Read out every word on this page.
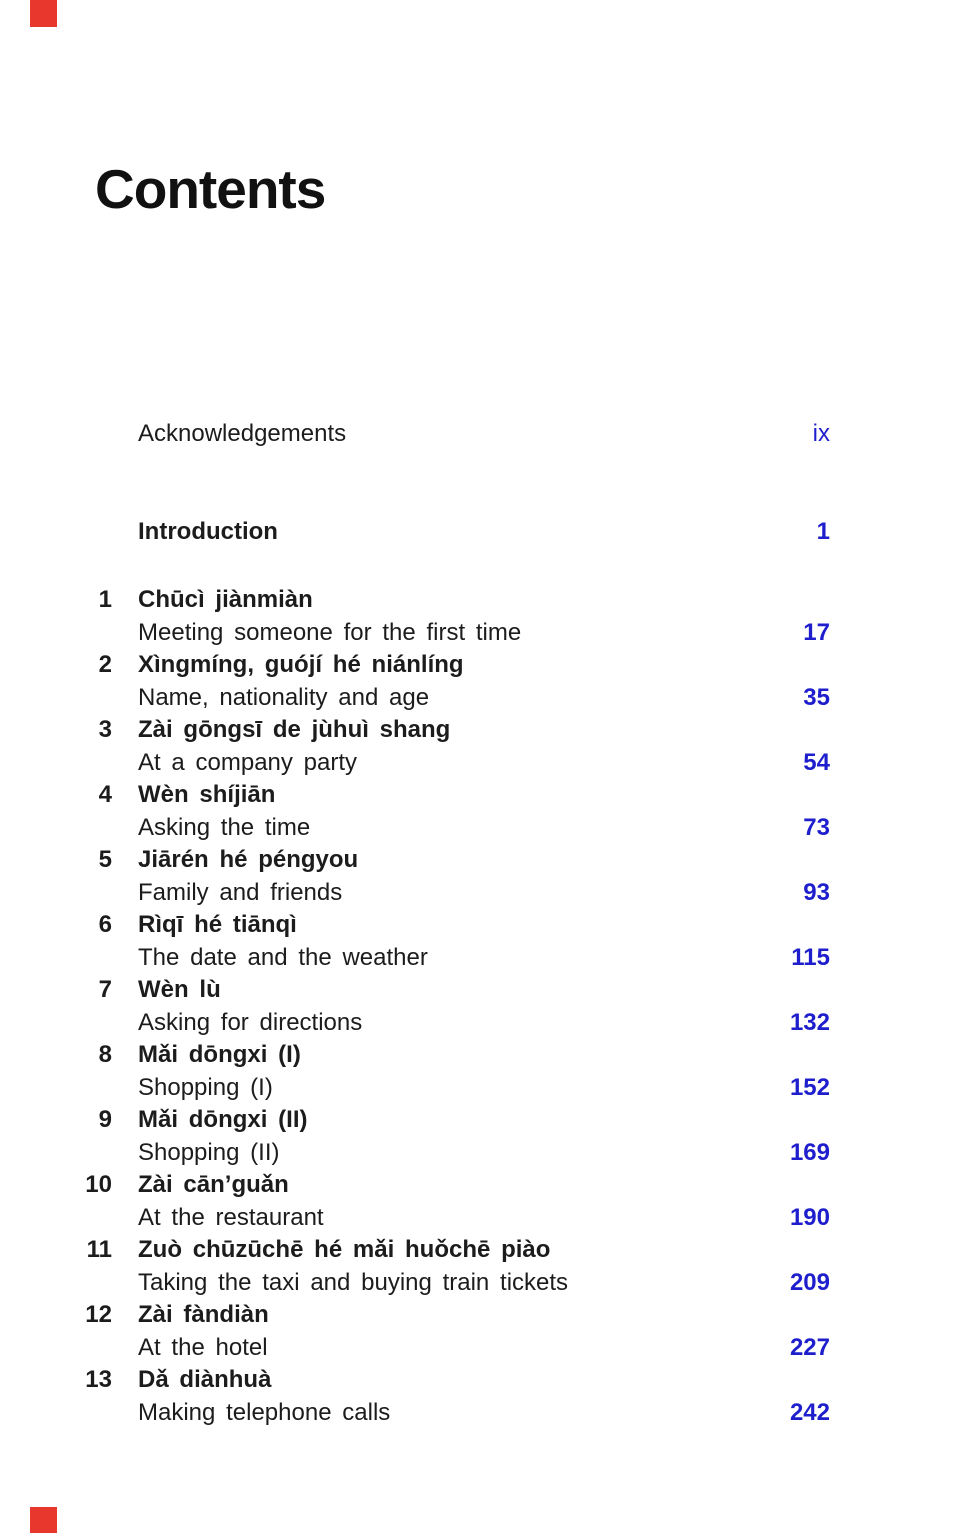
Contents
Acknowledgements	ix
Introduction	1
1	Chūcì jiànmiàn
Meeting someone for the first time	17
2	Xìngmíng, guójí hé niánlíng
Name, nationality and age	35
3	Zài gōngsī de jùhuì shang
At a company party	54
4	Wèn shíjiān
Asking the time	73
5	Jiārén hé péngyou
Family and friends	93
6	Rìqī hé tiānqì
The date and the weather	115
7	Wèn lù
Asking for directions	132
8	Mǎi dōngxi (I)
Shopping (I)	152
9	Mǎi dōngxi (II)
Shopping (II)	169
10	Zài cān’guǎn
At the restaurant	190
11	Zuò chūzūchē hé mǎi huǒchē piào
Taking the taxi and buying train tickets	209
12	Zài fàndiàn
At the hotel	227
13	Dǎ diànhuà
Making telephone calls	242
